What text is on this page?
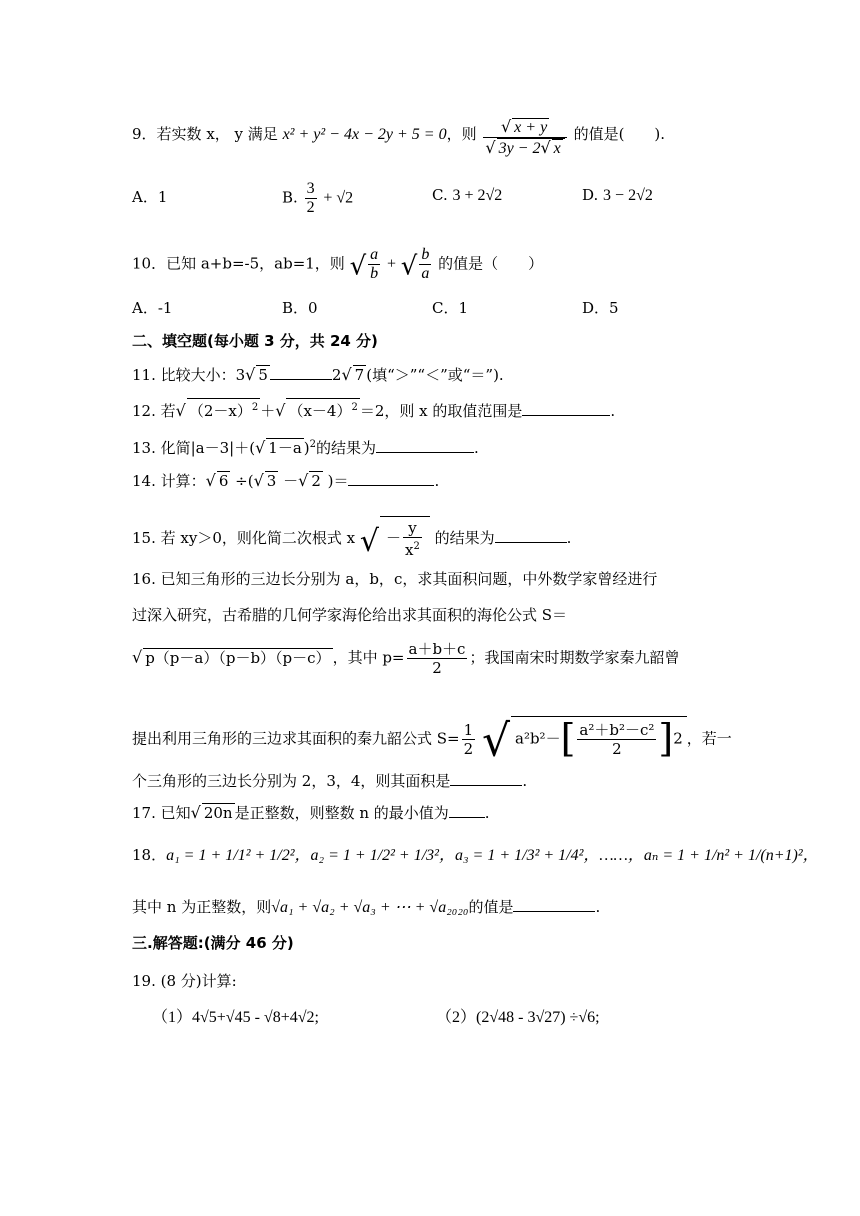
9．若实数 x， y 满足 x² + y² − 4x − 2y + 5 = 0，则 $\frac{√ x + y}{√ 3y - 2√ x}$ 的值是(　　).
A．1	B. $\frac{3}{2} + √2$	C. 3 + 2√2	D. 3 − 2√2
10．已知 a+b=-5，ab=1，则 √ $\frac{a}{b}$ + √ $\frac{b}{a}$ 的值是（　　）
A．-1	B．0	C．1	D．5
二、填空题(每小题 3 分，共 24 分)
11. 比较大小：3√ 5	2√ 7 (填“＞”“＜”或“＝”).
12. 若√ $(2-x)^2$ ＋√ $(x-4)^2 =2$，则 x 的取值范围是	.
13. 化简|a－3|＋(√ 1－a )$^2$的结果为	.
14. 计算：√ 6 ÷(√ 3 －√ 2 )＝	.
15. 若 xy＞0，则化简二次根式 x √ － $\frac{y}{x^2}$ 的结果为	.
16. 已知三角形的三边长分别为 a，b，c，求其面积问题，中外数学家曾经进行
过深入研究，古希腊的几何学家海伦给出求其面积的海伦公式 S＝
√ p（p－a）（p－b）（p－c） ，其中 $p= \frac{a+b+c}{2}$ ；我国南宋时期数学家秦九韶曾
提出利用三角形的三边求其面积的秦九韶公式 $S= \frac{1}{2}$ √ $a^2b^2-[ \frac{\text{a²＋b²－c²}}{2} ]2$ ，若一
个三角形的三边长分别为 2，3，4，则其面积是	.
17. 已知√ 20n 是正整数，则整数 n 的最小值为 .
18．a₁ = 1 + 1/1² + 1/2²，a₂ = 1 + 1/2² + 1/3²，a₃ = 1 + 1/3² + 1/4²，……，aₙ = 1 + 1/n² + 1/(n+1)²，
其中 n 为正整数，则√a₁ + √a₂ + √a₃ + ⋯ + √a₂₀₂₀的值是	.
三.解答题:(满分 46 分)
19. (8 分)计算:
（1）4√5+√45 - √8+4√2;	（2）(2√48 - 3√27) ÷√6;
